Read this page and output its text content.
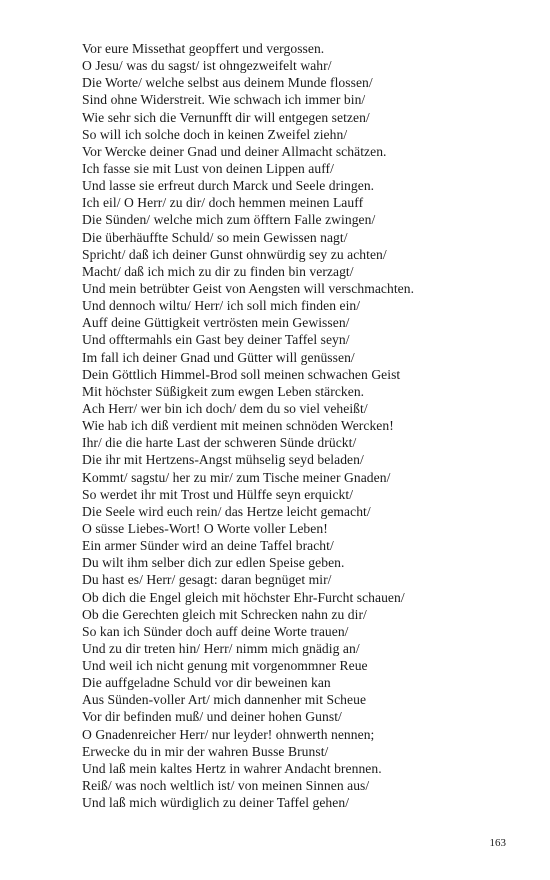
Vor eure Missethat geopffert und vergossen.
O Jesu/ was du sagst/ ist ohngezweifelt wahr/
Die Worte/ welche selbst aus deinem Munde flossen/
Sind ohne Widerstreit. Wie schwach ich immer bin/
Wie sehr sich die Vernunfft dir will entgegen setzen/
So will ich solche doch in keinen Zweifel ziehn/
Vor Wercke deiner Gnad und deiner Allmacht schätzen.
Ich fasse sie mit Lust von deinen Lippen auff/
Und lasse sie erfreut durch Marck und Seele dringen.
Ich eil/ O Herr/ zu dir/ doch hemmen meinen Lauff
Die Sünden/ welche mich zum öfftern Falle zwingen/
Die überhäuffte Schuld/ so mein Gewissen nagt/
Spricht/ daß ich deiner Gunst ohnwürdig sey zu achten/
Macht/ daß ich mich zu dir zu finden bin verzagt/
Und mein betrübter Geist von Aengsten will verschmachten.
Und dennoch wiltu/ Herr/ ich soll mich finden ein/
Auff deine Güttigkeit vertrösten mein Gewissen/
Und offtermahls ein Gast bey deiner Taffel seyn/
Im fall ich deiner Gnad und Gütter will genüssen/
Dein Göttlich Himmel-Brod soll meinen schwachen Geist
Mit höchster Süßigkeit zum ewgen Leben stärcken.
Ach Herr/ wer bin ich doch/ dem du so viel veheißt/
Wie hab ich diß verdient mit meinen schnöden Wercken!
Ihr/ die die harte Last der schweren Sünde drückt/
Die ihr mit Hertzens-Angst mühselig seyd beladen/
Kommt/ sagstu/ her zu mir/ zum Tische meiner Gnaden/
So werdet ihr mit Trost und Hülffe seyn erquickt/
Die Seele wird euch rein/ das Hertze leicht gemacht/
O süsse Liebes-Wort! O Worte voller Leben!
Ein armer Sünder wird an deine Taffel bracht/
Du wilt ihm selber dich zur edlen Speise geben.
Du hast es/ Herr/ gesagt: daran begnüget mir/
Ob dich die Engel gleich mit höchster Ehr-Furcht schauen/
Ob die Gerechten gleich mit Schrecken nahn zu dir/
So kan ich Sünder doch auff deine Worte trauen/
Und zu dir treten hin/ Herr/ nimm mich gnädig an/
Und weil ich nicht genung mit vorgenommner Reue
Die auffgeladne Schuld vor dir beweinen kan
Aus Sünden-voller Art/ mich dannenher mit Scheue
Vor dir befinden muß/ und deiner hohen Gunst/
O Gnadenreicher Herr/ nur leyder! ohnwerth nennen;
Erwecke du in mir der wahren Busse Brunst/
Und laß mein kaltes Hertz in wahrer Andacht brennen.
Reiß/ was noch weltlich ist/ von meinen Sinnen aus/
Und laß mich würdiglich zu deiner Taffel gehen/
163
